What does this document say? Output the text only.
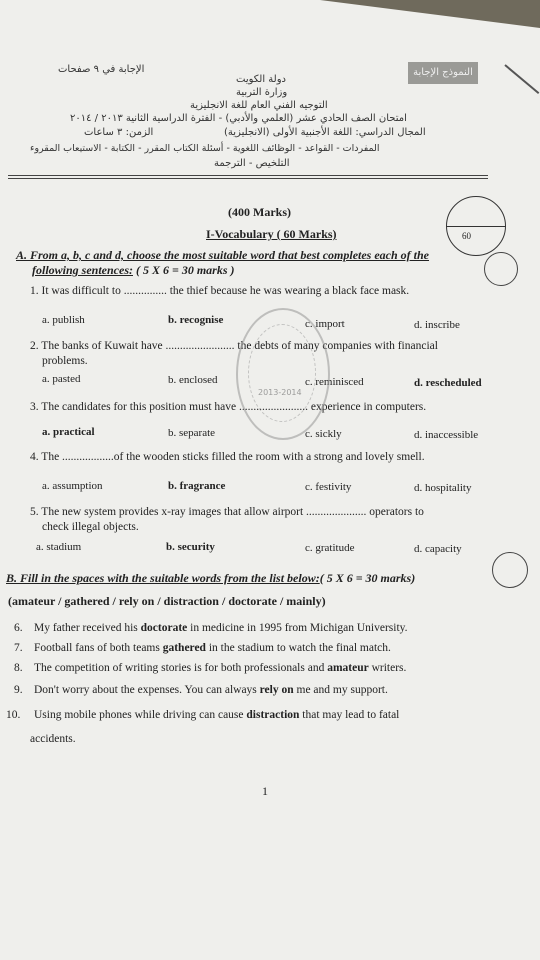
النموذج الإجابة
الإجابة في ٩ صفحات
دولة الكويت
وزارة التربية
التوجيه الفني العام للغة الانجليزية
امتحان الصف الحادي عشر (العلمي والأدبي) - الفترة الدراسية الثانية ٢٠١٣ / ٢٠١٤
المجال الدراسي: اللغة الأجنبية الأولى (الانجليزية)
الزمن: ٣ ساعات
المفردات - القواعد - الوظائف اللغوية - أسئلة الكتاب المقرر - الكتابة - الاستيعاب المقروء
التلخيص - الترجمة
(400 Marks)
I-Vocabulary ( 60 Marks)	60
A. From a, b, c and d, choose the most suitable word that best completes each of the
following sentences: ( 5 X 6 = 30 marks )
1. It was difficult to ............... the thief because he was wearing a black face mask.
a. publish	b. recognise	c. import	d. inscribe
2. The banks of Kuwait have ........................ the debts of many companies with financial
problems.
a. pasted	b. enclosed	c. reminisced	d. rescheduled
3. The candidates for this position must have ........................ experience in computers.
a. practical	b. separate	c. sickly	d. inaccessible
4. The ..................of the wooden sticks filled the room with a strong and lovely smell.
a. assumption	b. fragrance	c. festivity	d. hospitality
5. The new system provides x-ray images that allow airport ..................... operators to
check illegal objects.
a. stadium	b. security	c. gratitude	d. capacity
2013-2014
B. Fill in the spaces with the suitable words from the list below:( 5 X 6 = 30 marks)
(amateur / gathered / rely on / distraction / doctorate / mainly)
6. My father received his doctorate in medicine in 1995 from Michigan University.
7. Football fans of both teams gathered in the stadium to watch the final match.
8. The competition of writing stories is for both professionals and amateur writers.
9. Don't worry about the expenses. You can always rely on me and my support.
10. Using mobile phones while driving can cause distraction that may lead to fatal
accidents.
1
